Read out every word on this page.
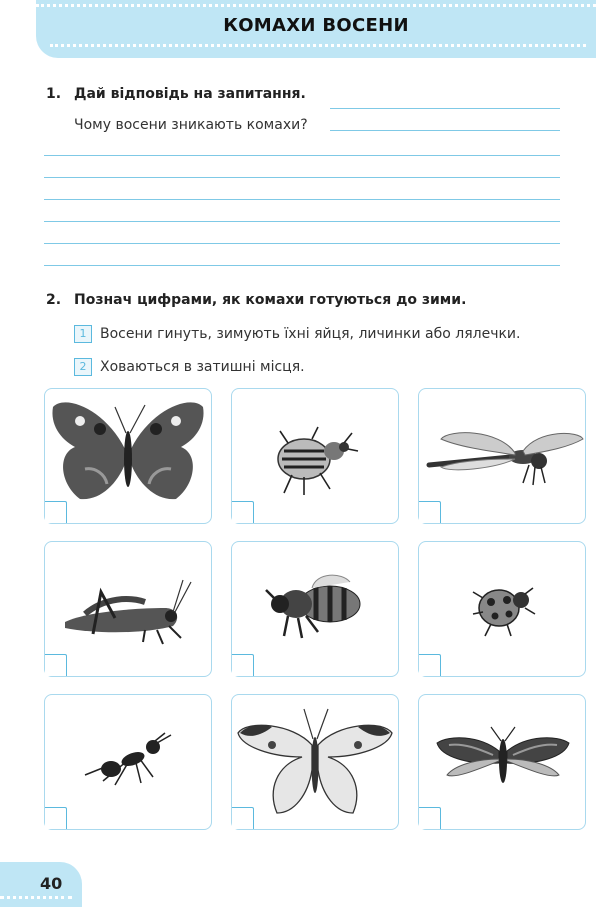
КОМАХИ ВОСЕНИ
1. Дай відповідь на запитання.
Чому восени зникають комахи?
2. Познач цифрами, як комахи готуються до зими.
1 Восени гинуть, зимують їхні яйця, личинки або лялечки.
2 Ховаються в затишні місця.
40
